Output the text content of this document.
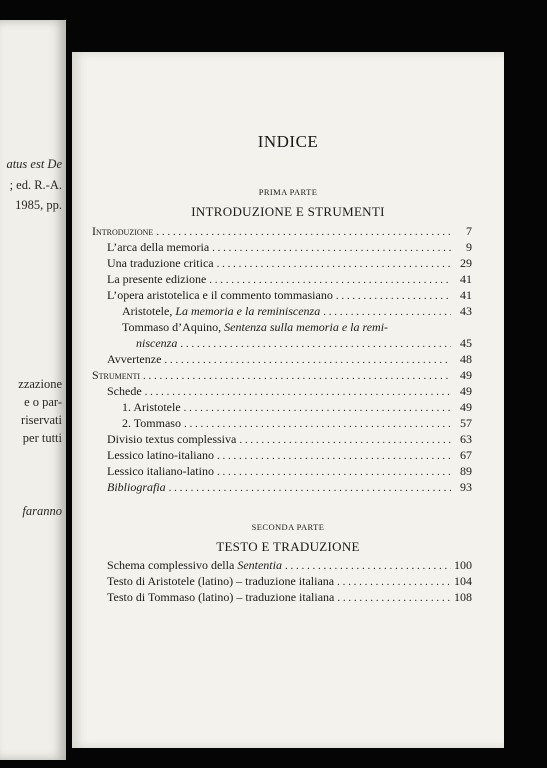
atus est De
; ed. R.-A.
1985, pp.
zzazione
e o par-
riservati
per tutti
faranno
INDICE
PRIMA PARTE
INTRODUZIONE E STRUMENTI
Introduzione . . .	7
L’arca della memoria . . .	9
Una traduzione critica . . .	29
La presente edizione . . .	41
L’opera aristotelica e il commento tommasiano . . .	41
Aristotele, La memoria e la reminiscenza . . .	43
Tommaso d’Aquino, Sentenza sulla memoria e la remi-
niscenza . . .	45
Avvertenze . . .	48
Strumenti . . .	49
Schede . . .	49
1. Aristotele . . .	49
2. Tommaso . . .	57
Divisio textus complessiva . . .	63
Lessico latino-italiano . . .	67
Lessico italiano-latino . . .	89
Bibliografia . . .	93
SECONDA PARTE
TESTO E TRADUZIONE
Schema complessivo della Sententia . . .	100
Testo di Aristotele (latino) – traduzione italiana . . .	104
Testo di Tommaso (latino) – traduzione italiana . . .	108
